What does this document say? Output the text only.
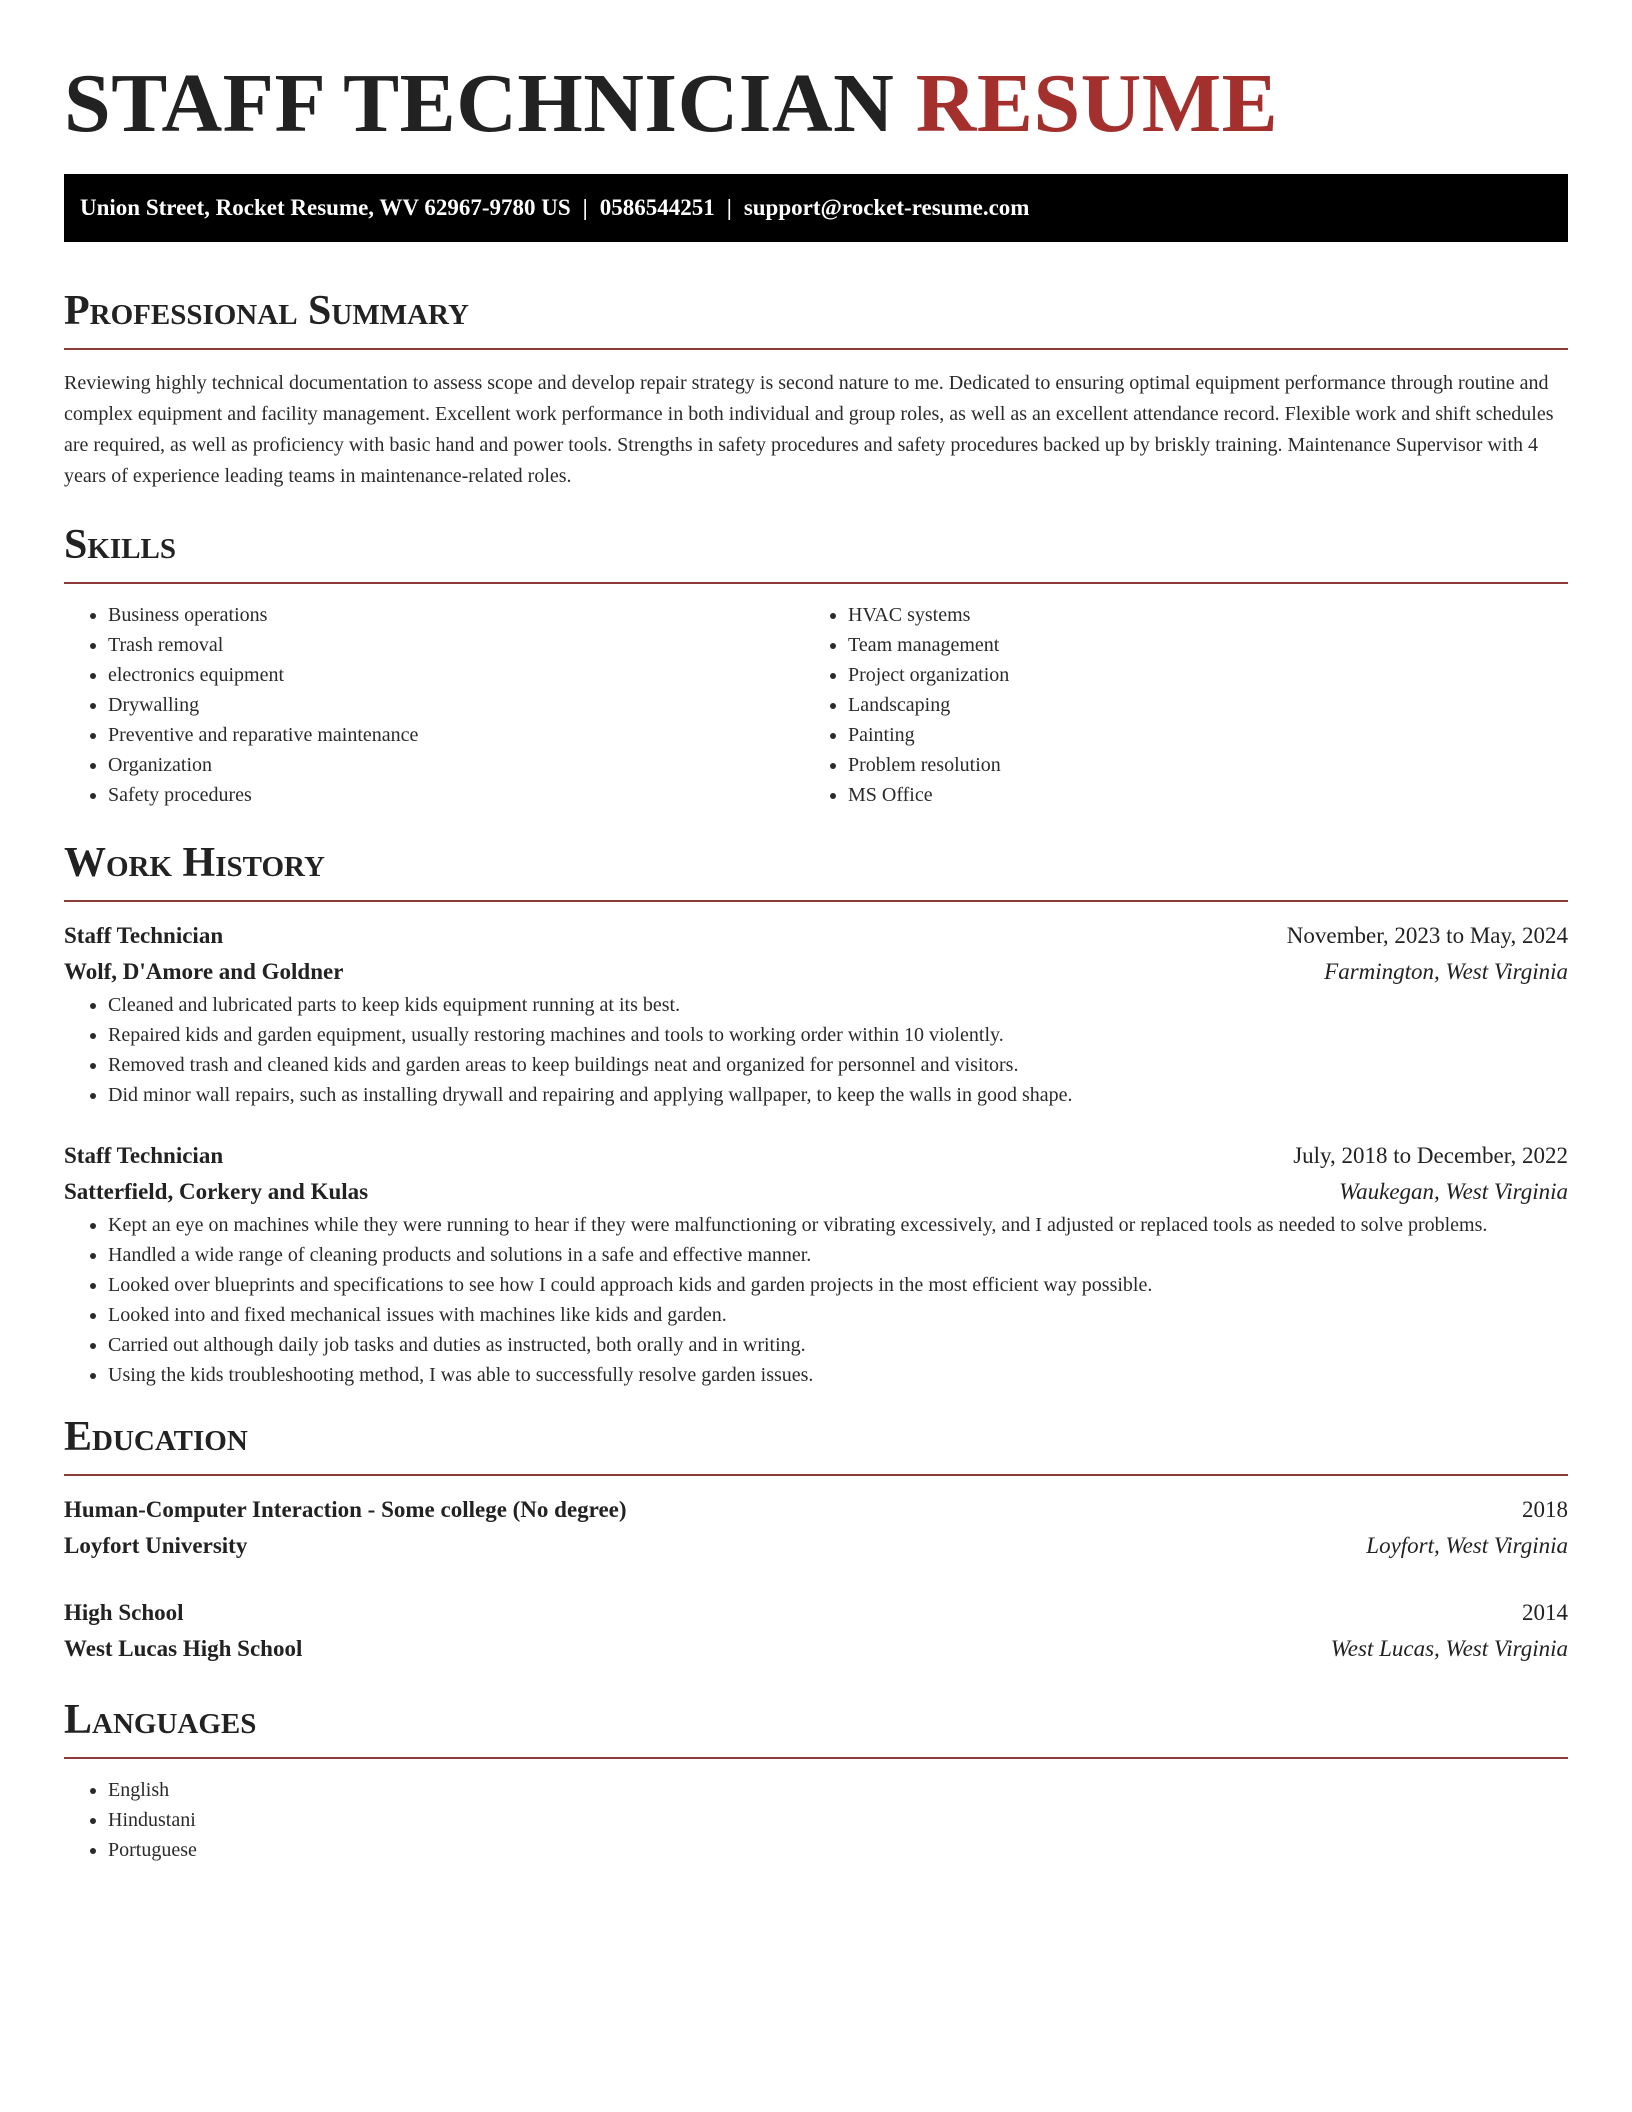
STAFF TECHNICIAN RESUME
Union Street, Rocket Resume, WV 62967-9780 US | 0586544251 | support@rocket-resume.com
Professional Summary

Reviewing highly technical documentation to assess scope and develop repair strategy is second nature to me. Dedicated to ensuring optimal equipment performance through routine and complex equipment and facility management. Excellent work performance in both individual and group roles, as well as an excellent attendance record. Flexible work and shift schedules are required, as well as proficiency with basic hand and power tools. Strengths in safety procedures and safety procedures backed up by briskly training. Maintenance Supervisor with 4 years of experience leading teams in maintenance-related roles.

Skills
• Business operations
• Trash removal
• electronics equipment
• Drywalling
• Preventive and reparative maintenance
• Organization
• Safety procedures
• HVAC systems
• Team management
• Project organization
• Landscaping
• Painting
• Problem resolution
• MS Office
Work History
Staff Technician	November, 2023 to May, 2024
Wolf, D'Amore and Goldner	Farmington, West Virginia
• Cleaned and lubricated parts to keep kids equipment running at its best.
• Repaired kids and garden equipment, usually restoring machines and tools to working order within 10 violently.
• Removed trash and cleaned kids and garden areas to keep buildings neat and organized for personnel and visitors.
• Did minor wall repairs, such as installing drywall and repairing and applying wallpaper, to keep the walls in good shape.
Staff Technician	July, 2018 to December, 2022
Satterfield, Corkery and Kulas	Waukegan, West Virginia
• Kept an eye on machines while they were running to hear if they were malfunctioning or vibrating excessively, and I adjusted or replaced tools as needed to solve problems.
• Handled a wide range of cleaning products and solutions in a safe and effective manner.
• Looked over blueprints and specifications to see how I could approach kids and garden projects in the most efficient way possible.
• Looked into and fixed mechanical issues with machines like kids and garden.
• Carried out although daily job tasks and duties as instructed, both orally and in writing.
• Using the kids troubleshooting method, I was able to successfully resolve garden issues.
Education
Human-Computer Interaction - Some college (No degree)	2018
Loyfort University	Loyfort, West Virginia
High School	2014
West Lucas High School	West Lucas, West Virginia
Languages
• English
• Hindustani
• Portuguese
